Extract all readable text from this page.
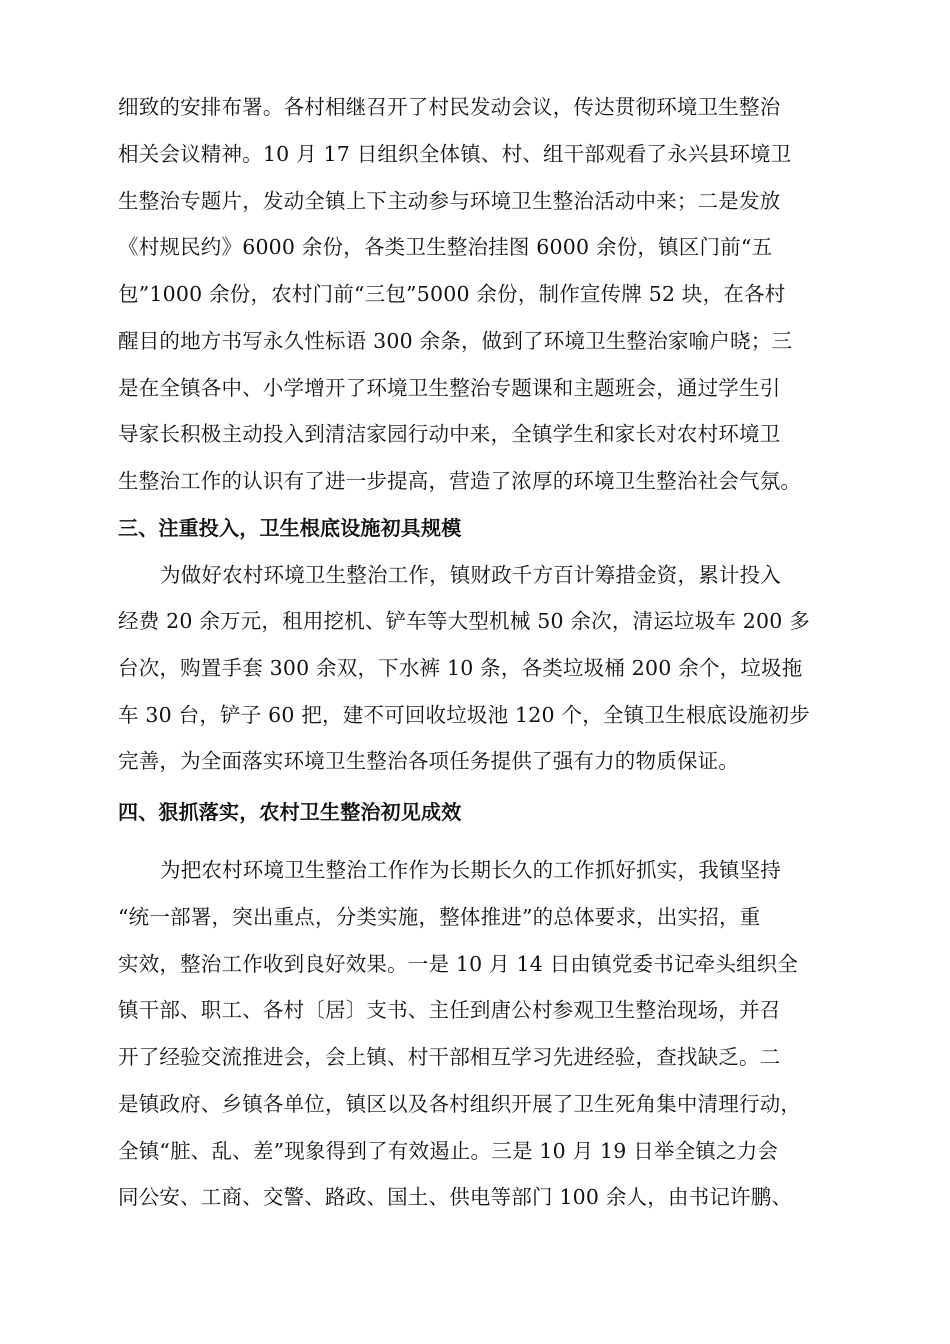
细致的安排布署。各村相继召开了村民发动会议，传达贯彻环境卫生整治
相关会议精神。10 月 17 日组织全体镇、村、组干部观看了永兴县环境卫
生整治专题片，发动全镇上下主动参与环境卫生整治活动中来；二是发放
《村规民约》6000 余份，各类卫生整治挂图 6000 余份，镇区门前“五
包”1000 余份，农村门前“三包”5000 余份，制作宣传牌 52 块，在各村
醒目的地方书写永久性标语 300 余条，做到了环境卫生整治家喻户晓；三
是在全镇各中、小学增开了环境卫生整治专题课和主题班会，通过学生引
导家长积极主动投入到清洁家园行动中来，全镇学生和家长对农村环境卫
生整治工作的认识有了进一步提高，营造了浓厚的环境卫生整治社会气氛。
三、注重投入，卫生根底设施初具规模
为做好农村环境卫生整治工作，镇财政千方百计筹措金资，累计投入
经费 20 余万元，租用挖机、铲车等大型机械 50 余次，清运垃圾车 200 多
台次，购置手套 300 余双，下水裤 10 条，各类垃圾桶 200 余个，垃圾拖
车 30 台，铲子 60 把，建不可回收垃圾池 120 个，全镇卫生根底设施初步
完善，为全面落实环境卫生整治各项任务提供了强有力的物质保证。
四、狠抓落实，农村卫生整治初见成效
为把农村环境卫生整治工作作为长期长久的工作抓好抓实，我镇坚持
“统一部署，突出重点，分类实施，整体推进”的总体要求，出实招，重
实效，整治工作收到良好效果。一是 10 月 14 日由镇党委书记牵头组织全
镇干部、职工、各村〔居〕支书、主任到唐公村参观卫生整治现场，并召
开了经验交流推进会，会上镇、村干部相互学习先进经验，查找缺乏。二
是镇政府、乡镇各单位，镇区以及各村组织开展了卫生死角集中清理行动，
全镇“脏、乱、差”现象得到了有效遏止。三是 10 月 19 日举全镇之力会
同公安、工商、交警、路政、国土、供电等部门 100 余人，由书记许鹏、
